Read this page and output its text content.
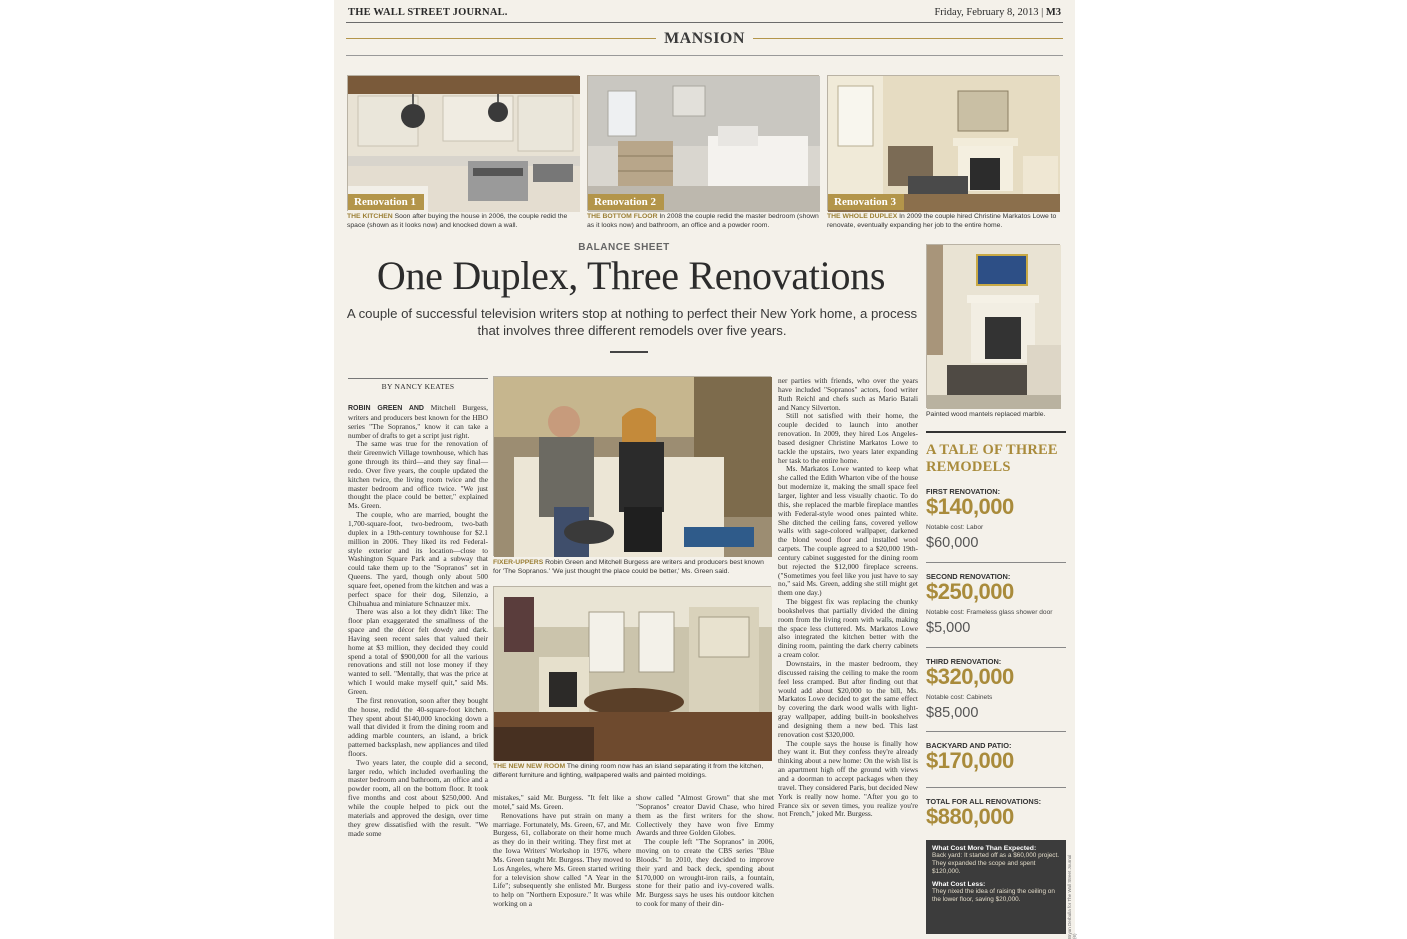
THE WALL STREET JOURNAL.	Friday, February 8, 2013 | M3
MANSION
Renovation 1
THE KITCHEN Soon after buying the house in 2006, the couple redid the space (shown as it looks now) and knocked down a wall.
Renovation 2
THE BOTTOM FLOOR In 2008 the couple redid the master bedroom (shown as it looks now) and bathroom, an office and a powder room.
Renovation 3
THE WHOLE DUPLEX In 2009 the couple hired Christine Markatos Lowe to renovate, eventually expanding her job to the entire home.
BALANCE SHEET
One Duplex, Three Renovations
A couple of successful television writers stop at nothing to perfect their New York home, a process that involves three different remodels over five years.
Painted wood mantels replaced marble.
BY NANCY KEATES

ROBIN GREEN AND Mitchell Burgess, writers and producers best known for the HBO series "The Sopranos," know it can take a number of drafts to get a script just right.

The same was true for the renovation of their Greenwich Village townhouse, which has gone through its third—and they say final—redo. Over five years, the couple updated the kitchen twice, the living room twice and the master bedroom and office twice. "We just thought the place could be better," explained Ms. Green.

The couple, who are married, bought the 1,700-square-foot, two-bedroom, two-bath duplex in a 19th-century townhouse for $2.1 million in 2006. They liked its red Federal-style exterior and its location—close to Washington Square Park and a subway that could take them up to the "Sopranos" set in Queens. The yard, though only about 500 square feet, opened from the kitchen and was a perfect space for their dog, Silenzio, a Chihuahua and miniature Schnauzer mix.

There was also a lot they didn't like: The floor plan exaggerated the smallness of the space and the décor felt dowdy and dark. Having seen recent sales that valued their home at $3 million, they decided they could spend a total of $900,000 for all the various renovations and still not lose money if they wanted to sell. "Mentally, that was the price at which I would make myself quit," said Ms. Green.

The first renovation, soon after they bought the house, redid the 40-square-foot kitchen. They spent about $140,000 knocking down a wall that divided it from the dining room and adding marble counters, an island, a brick patterned backsplash, new appliances and tiled floors.

Two years later, the couple did a second, larger redo, which included overhauling the master bedroom and bathroom, an office and a powder room, all on the bottom floor. It took five months and cost about $250,000. And while the couple helped to pick out the materials and approved the design, over time they grew dissatisfied with the result. "We made some

FIXER-UPPERS Robin Green and Mitchell Burgess are writers and producers best known for 'The Sopranos.' 'We just thought the place could be better,' Ms. Green said.
THE NEW NEW ROOM The dining room now has an island separating it from the kitchen, different furniture and lighting, wallpapered walls and painted moldings.

mistakes," said Mr. Burgess. "It felt like a motel," said Ms. Green.

Renovations have put strain on many a marriage. Fortunately, Ms. Green, 67, and Mr. Burgess, 61, collaborate on their home much as they do in their writing. They first met at the Iowa Writers' Workshop in 1976, where Ms. Green taught Mr. Burgess. They moved to Los Angeles, where Ms. Green started writing for a television show called "A Year in the Life"; subsequently she enlisted Mr. Burgess to help on "Northern Exposure." It was while working on a

show called "Almost Grown" that she met "Sopranos" creator David Chase, who hired them as the first writers for the show. Collectively they have won five Emmy Awards and three Golden Globes.

The couple left "The Sopranos" in 2006, moving on to create the CBS series "Blue Bloods." In 2010, they decided to improve their yard and back deck, spending about $170,000 on wrought-iron rails, a fountain, stone for their patio and ivy-covered walls. Mr. Burgess says he uses his outdoor kitchen to cook for many of their din-

ner parties with friends, who over the years have included "Sopranos" actors, food writer Ruth Reichl and chefs such as Mario Batali and Nancy Silverton.

Still not satisfied with their home, the couple decided to launch into another renovation. In 2009, they hired Los Angeles-based designer Christine Markatos Lowe to tackle the upstairs, two years later expanding her task to the entire home.

Ms. Markatos Lowe wanted to keep what she called the Edith Wharton vibe of the house but modernize it, making the small space feel larger, lighter and less visually chaotic. To do this, she replaced the marble fireplace mantles with Federal-style wood ones painted white. She ditched the ceiling fans, covered yellow walls with sage-colored wallpaper, darkened the blond wood floor and installed wool carpets. The couple agreed to a $20,000 19th-century cabinet suggested for the dining room but rejected the $12,000 fireplace screens. ("Sometimes you feel like you just have to say no," said Ms. Green, adding she still might get them one day.)

The biggest fix was replacing the chunky bookshelves that partially divided the dining room from the living room with walls, making the space less cluttered. Ms. Markatos Lowe also integrated the kitchen better with the dining room, painting the dark cherry cabinets a cream color.

Downstairs, in the master bedroom, they discussed raising the ceiling to make the room feel less cramped. But after finding out that would add about $20,000 to the bill, Ms. Markatos Lowe decided to get the same effect by covering the dark wood walls with light-gray wallpaper, adding built-in bookshelves and designing them a new bed. This last renovation cost $320,000.

The couple says the house is finally how they want it. But they confess they're already thinking about a new home: On the wish list is an apartment high off the ground with views and a doorman to accept packages when they travel. They considered Paris, but decided New York is really now home. "After you go to France six or seven times, you realize you're not French," joked Mr. Burgess.

A TALE OF THREE REMODELS
FIRST RENOVATION:
$140,000
Notable cost: Labor
$60,000
SECOND RENOVATION:
$250,000
Notable cost: Frameless glass shower door
$5,000
THIRD RENOVATION:
$320,000
Notable cost: Cabinets
$85,000
BACKYARD AND PATIO:
$170,000
TOTAL FOR ALL RENOVATIONS:
$880,000
What Cost More Than Expected:
Back yard: It started off as a $60,000 project. They expanded the scope and spent $120,000.
What Cost Less:
They nixed the idea of raising the ceiling on the lower floor, saving $20,000.	Bryan Derballa for The Wall Street Journal (6)
